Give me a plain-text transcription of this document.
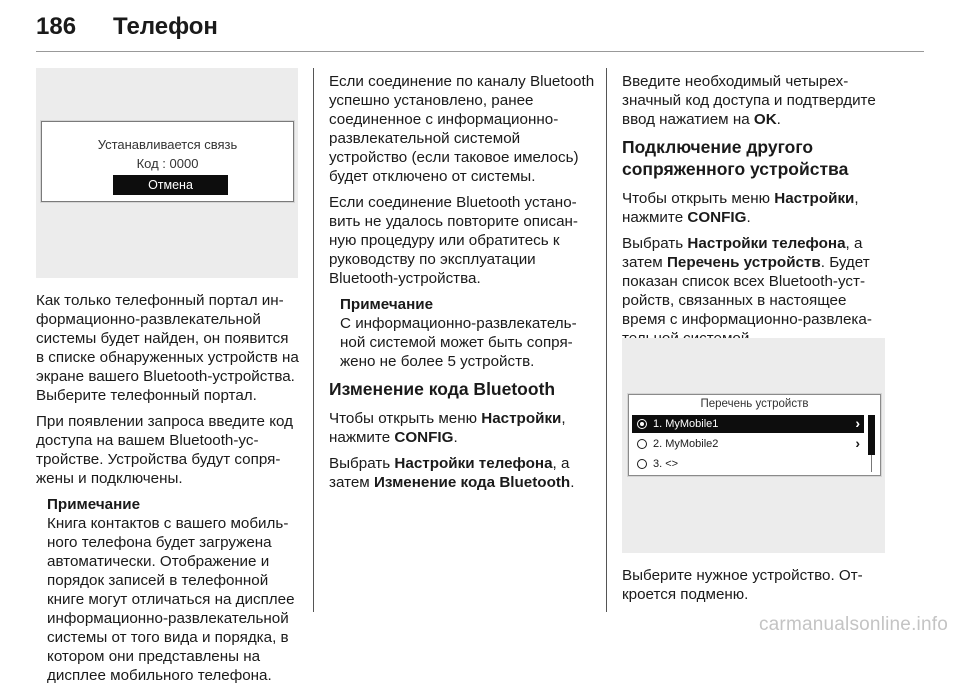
186 Телефон
Устанавливается связь
Код : 0000
Отмена

Как только телефонный портал информационно-развлекательной системы будет найден, он появится в списке обнаруженных устройств на экране вашего Bluetooth-устройства. Выберите телефонный портал.

При появлении запроса введите код доступа на вашем Bluetooth-устройстве. Устройства будут сопряжены и подключены.

Примечание
Книга контактов с вашего мобильного телефона будет загружена автоматически. Отображение и порядок записей в телефонной книге могут отличаться на дисплее информационно-развлекательной системы от того вида и порядка, в котором они представлены на дисплее мобильного телефона.

Если соединение по каналу Bluetooth успешно установлено, ранее соединенное с информационно-развлекательной системой устройство (если таковое имелось) будет отключено от системы.

Если соединение Bluetooth установить не удалось повторите описанную процедуру или обратитесь к руководству по эксплуатации Bluetooth-устройства.

Примечание
С информационно-развлекательной системой может быть сопряжено не более 5 устройств.
Изменение кода Bluetooth

Чтобы открыть меню Настройки, нажмите CONFIG.

Выбрать Настройки телефона, а затем Изменение кода Bluetooth.

Введите необходимый четырехзначный код доступа и подтвердите ввод нажатием на OK.

Подключение другого сопряженного устройства

Чтобы открыть меню Настройки, нажмите CONFIG.

Выбрать Настройки телефона, а затем Перечень устройств. Будет показан список всех Bluetooth-устройств, связанных в настоящее время с информационно-развлека

Перечень устройств
1. MyMobile1	›
2. MyMobile2	›
3. <>

Выберите нужное устройство. Откроется подменю.

carmanualsonline.info
